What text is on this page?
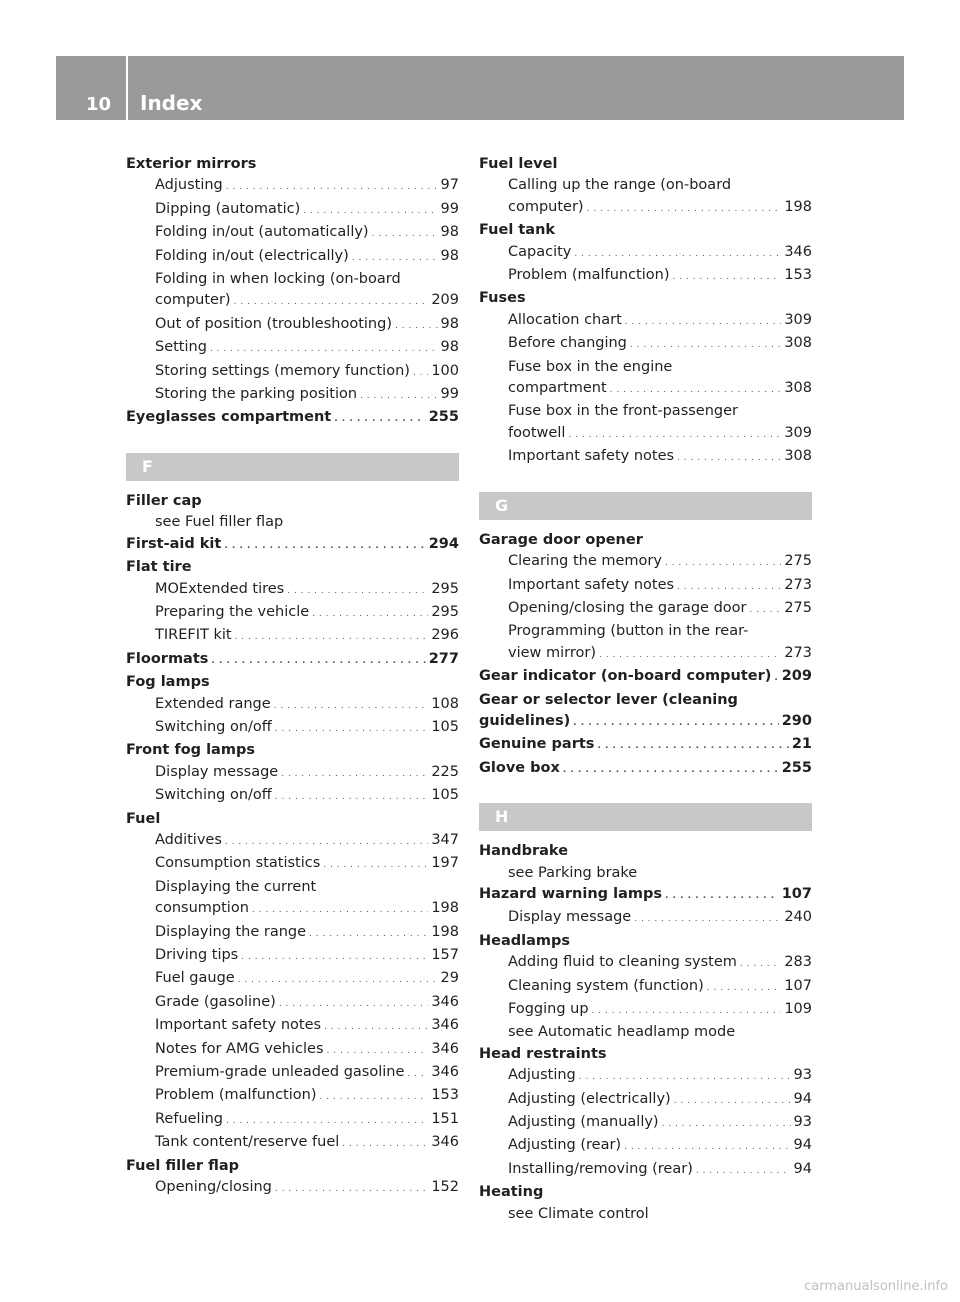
10 Index
Exterior mirrors
Adjusting . . .	97
Dipping (automatic) . . .	99
Folding in/out (automatically) . . .	98
Folding in/out (electrically) . . .	98
Folding in when locking (on-board
computer) . . .	209
Out of position (troubleshooting) . . .	98
Setting . . .	98
Storing settings (memory function) . . . 100
Storing the parking position . . .	99
Eyeglasses compartment . . .	255
F
Filler cap
see Fuel filler flap
First-aid kit . . .	294
Flat tire
MOExtended tires . . .	295
Preparing the vehicle . . .	295
TIREFIT kit . . .	296
Floormats . . .	277
Fog lamps
Extended range . . .	108
Switching on/off . . .	105
Front fog lamps
Display message . . .	225
Switching on/off . . .	105
Fuel
Additives . . .	347
Consumption statistics . . .	197
Displaying the current
consumption . . .	198
Displaying the range . . .	198
Driving tips . . .	157
Fuel gauge . . .	29
Grade (gasoline) . . .	346
Important safety notes . . .	346
Notes for AMG vehicles . . .	346
Premium-grade unleaded gasoline . . . 346
Problem (malfunction) . . .	153
Refueling . . .	151
Tank content/reserve fuel . . .	346
Fuel filler flap
Opening/closing . . .	152
Fuel level
Calling up the range (on-board
computer) . . .	198
Fuel tank
Capacity . . .	346
Problem (malfunction) . . .	153
Fuses
Allocation chart . . .	309
Before changing . . .	308
Fuse box in the engine
compartment . . .	308
Fuse box in the front-passenger
footwell . . .	309
Important safety notes . . .	308
G
Garage door opener
Clearing the memory . . .	275
Important safety notes . . .	273
Opening/closing the garage door . . .	275
Programming (button in the rear-
view mirror) . . .	273
Gear indicator (on-board computer) . . . 209
Gear or selector lever (cleaning
guidelines) . . .	290
Genuine parts . . .	21
Glove box . . .	255
H
Handbrake
see Parking brake
Hazard warning lamps . . .	107
Display message . . .	240
Headlamps
Adding fluid to cleaning system . . .	283
Cleaning system (function) . . .	107
Fogging up . . .	109
see Automatic headlamp mode
Head restraints
Adjusting . . .	93
Adjusting (electrically) . . .	94
Adjusting (manually) . . .	93
Adjusting (rear) . . .	94
Installing/removing (rear) . . .	94
Heating
see Climate control
carmanualsonline.info
